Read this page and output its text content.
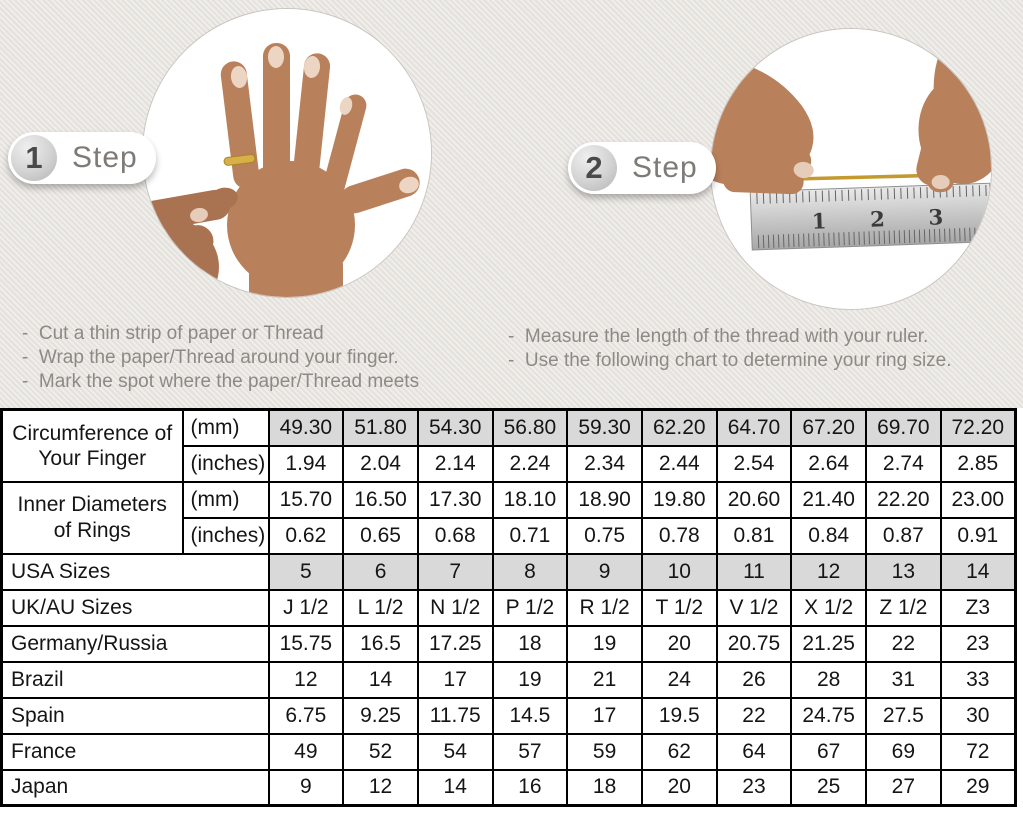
1 2 3
1 Step	2 Step
-  Cut a thin strip of paper or Thread
-  Wrap the paper/Thread around your finger.
-  Mark the spot where the paper/Thread meets
-  Measure the length of the thread with your ruler.
-  Use the following chart to determine your ring size.
Circumference of Your Finger	(mm)	49.30	51.80	54.30	56.80	59.30	62.20	64.70	67.20	69.70	72.20
	(inches)	1.94	2.04	2.14	2.24	2.34	2.44	2.54	2.64	2.74	2.85
Inner Diameters of Rings	(mm)	15.70	16.50	17.30	18.10	18.90	19.80	20.60	21.40	22.20	23.00
	(inches)	0.62	0.65	0.68	0.71	0.75	0.78	0.81	0.84	0.87	0.91
USA Sizes		5	6	7	8	9	10	11	12	13	14
UK/AU Sizes		J 1/2	L 1/2	N 1/2	P 1/2	R 1/2	T 1/2	V 1/2	X 1/2	Z 1/2	Z3
Germany/Russia		15.75	16.5	17.25	18	19	20	20.75	21.25	22	23
Brazil		12	14	17	19	21	24	26	28	31	33
Spain		6.75	9.25	11.75	14.5	17	19.5	22	24.75	27.5	30
France		49	52	54	57	59	62	64	67	69	72
Japan		9	12	14	16	18	20	23	25	27	29
